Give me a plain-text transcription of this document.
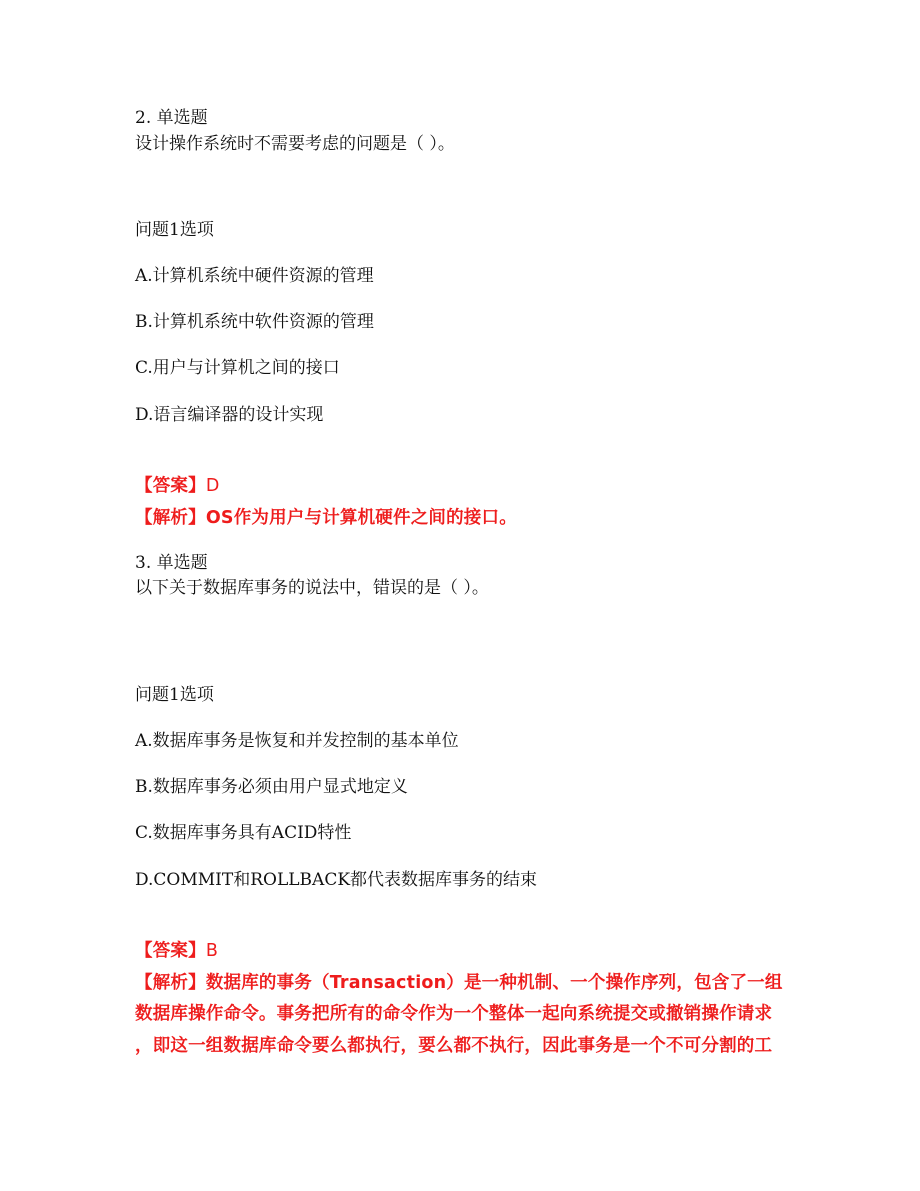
2. 单选题
设计操作系统时不需要考虑的问题是（ ）。
问题1选项
A.计算机系统中硬件资源的管理
B.计算机系统中软件资源的管理
C.用户与计算机之间的接口
D.语言编译器的设计实现
【答案】D
【解析】OS作为用户与计算机硬件之间的接口。
3. 单选题
以下关于数据库事务的说法中，错误的是（ ）。
问题1选项
A.数据库事务是恢复和并发控制的基本单位
B.数据库事务必须由用户显式地定义
C.数据库事务具有ACID特性
D.COMMIT和ROLLBACK都代表数据库事务的结束
【答案】B
【解析】数据库的事务（Transaction）是一种机制、一个操作序列，包含了一组
数据库操作命令。事务把所有的命令作为一个整体一起向系统提交或撤销操作请求
，即这一组数据库命令要么都执行，要么都不执行，因此事务是一个不可分割的工
